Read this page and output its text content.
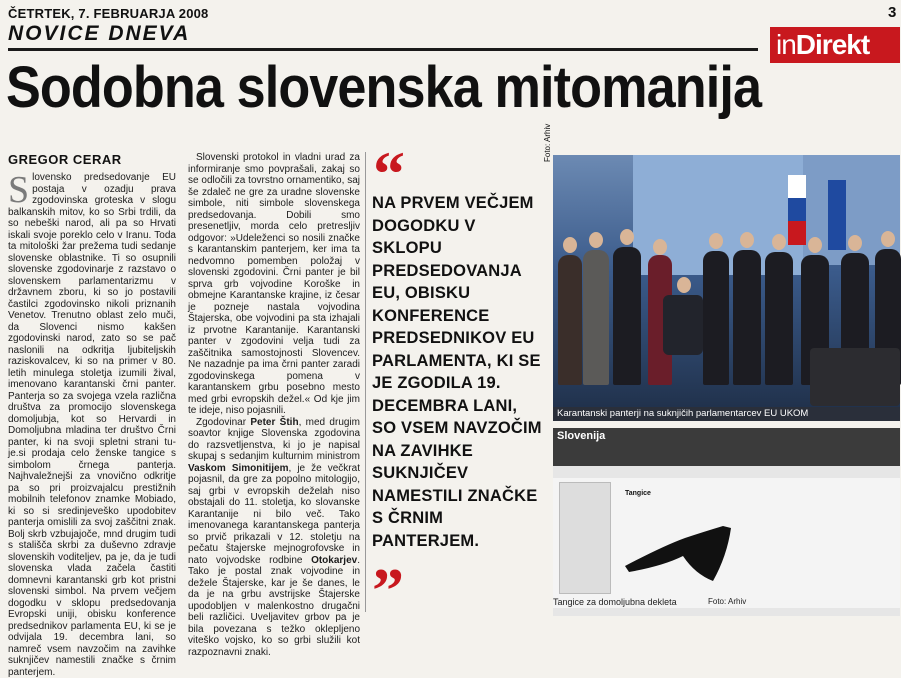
ČETRTEK, 7. FEBRUARJA 2008	3
NOVICE DNEVA	inDirekt
Sodobna slovenska mitomanija
GREGOR CERAR
S lovensko predsedovanje EU postaja v ozadju prava zgodovinska groteska v slogu balkanskih mitov, ko so Srbi trdili, da so nebeški narod, ali pa so Hrvati iskali svoje poreklo celo v Iranu. Toda ta mitološki žar prežema tudi sedanje slovenske oblastnike. Ti so osupnili slovenske zgodovinarje z razstavo o slovenskem parlamentarizmu v državnem zboru, ki so jo postavili častilci zgodovinsko nikoli priznanih Venetov. Trenutno oblast zelo muči, da Slovenci nismo kakšen zgodovinski narod, zato so se pač naslonili na odkritja ljubiteljskih raziskovalcev, ki so na primer v 80. letih minulega stoletja izumili žival, imenovano karantanski črni panter. Panterja so za svojega vzela različna društva za promocijo slovenskega domoljubja, kot so Hervardi in Domoljubna mladina ter društvo Črni panter, ki na svoji spletni strani tu-je.si prodaja celo ženske tangice s simbolom črnega panterja. Najhvaležnejši za vnovično odkritje pa so pri proizvajalcu prestižnih mobilnih telefonov znamke Mobiado, ki so si sredinjeveško upodobitev panterja omislili za svoj zaščitni znak. Bolj skrb vzbujajoče, mnd drugim tudi s stališča skrbi za duševno zdravje slovenskih voditeljev, pa je, da je tudi slovenska vlada začela častiti domnevni karantanski grb kot pristni slovenski simbol. Na prvem večjem dogodku v sklopu predsedovanja Evropski uniji, obisku konference predsednikov parlamenta EU, ki se je odvijala 19. decembra lani, so namreč vsem navzočim na zavihke suknjičev namestili značke s črnim panterjem.

Slovenski protokol in vladni urad za informiranje smo povprašali, zakaj so se odločili za tovrstno ornamentiko, saj še zdaleč ne gre za uradne slovenske simbole, niti simbole slovenskega predsedovanja. Dobili smo presenetljiv, morda celo pretresljiv odgovor: »Udeleženci so nosili značke s karantanskim panterjem, ker ima ta nedvomno pomemben položaj v slovenski zgodovini. Črni panter je bil sprva grb vojvodine Koroške in obmejne Karantanske krajine, iz česar je pozneje nastala vojvodina Štajerska, obe vojvodini pa sta izhajali iz prvotne Karantanije. Karantanski panter v zgodovini velja tudi za zaščitnika samostojnosti Slovencev. Ne nazadnje pa ima črni panter zaradi zgodovinskega pomena v karantanskem grbu posebno mesto med grbi evropskih dežel.« Od kje jim te ideje, niso pojasnili.

Zgodovinar Peter Štih, med drugim soavtor knjige Slovenska zgodovina do razsvetljenstva, ki jo je napisal skupaj s sedanjim kulturnim ministrom Vaskom Simonitijem, je že večkrat pojasnil, da gre za popolno mitologijo, saj grbi v evropskih deželah niso obstajali do 11. stoletja, ko slovanske Karantanije ni bilo več. Tako imenovanega karantanskega panterja so prvič prikazali v 12. stoletju na pečatu štajerske mejnogrofovske in nato vojvodske rodbine Otokarjev. Tako je postal znak vojvodine in dežele Štajerske, kar je še danes, le da je na grbu avstrijske Štajerske upodobljen v malenkostno drugačni beli različici. Uveljavitev grbov pa je bila povezana s težko oklepljeno viteško vojsko, ko so grbi služili kot razpoznavni znaki.

“
NA PRVEM VEČJEM DOGODKU V SKLOPU PREDSEDOVANJA EU, OBISKU KONFERENCE PREDSEDNIKOV EU PARLAMENTA, KI SE JE ZGODILA 19. DECEMBRA LANI, SO VSEM NAVZOČIM NA ZAVIHKE SUKNJIČEV NAMESTILI ZNAČKE S ČRNIM PANTERJEM.
”
Foto: Arhiv
Karantanski panterji na suknjičih parlamentarcev EU UKOM
Slovenija
Tangice
Tangice za domoljubna dekleta	Foto: Arhiv
